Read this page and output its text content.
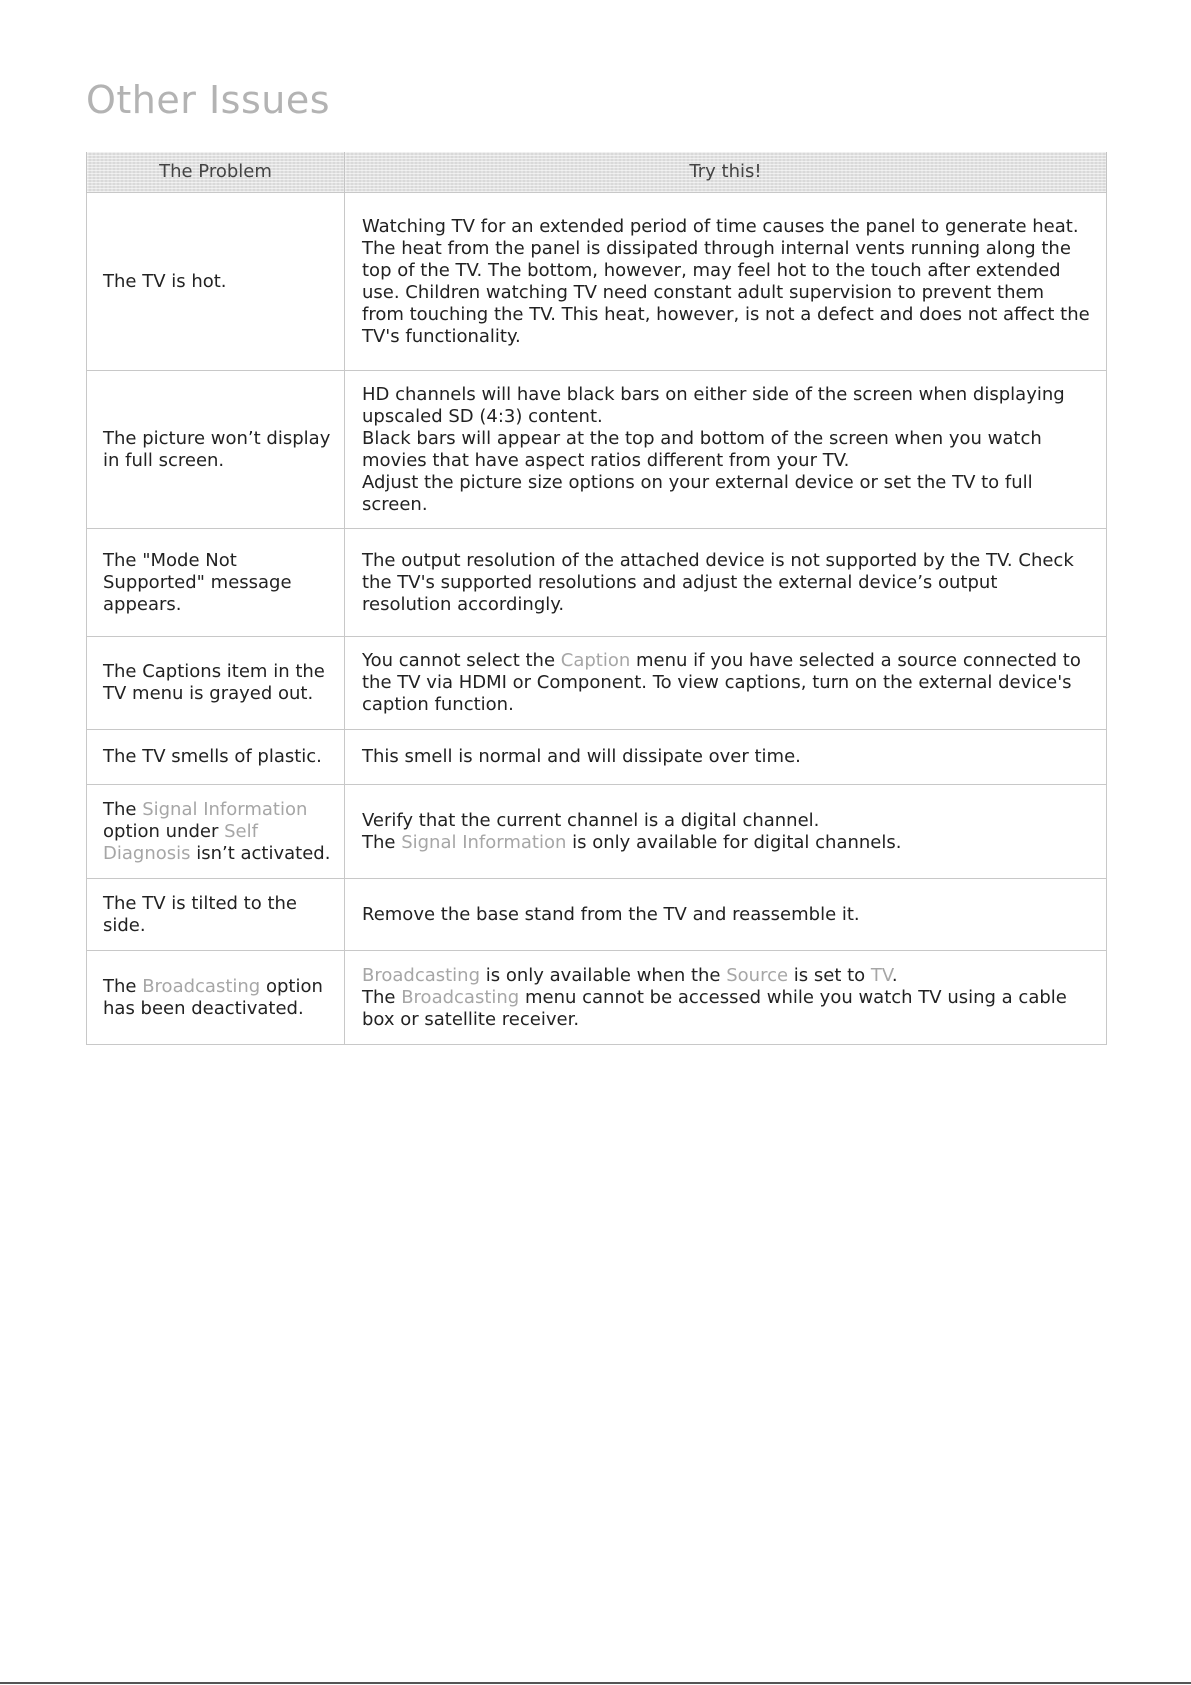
Other Issues
The Problem	Try this!
The TV is hot.	Watching TV for an extended period of time causes the panel to generate heat. The heat from the panel is dissipated through internal vents running along the top of the TV. The bottom, however, may feel hot to the touch after extended use. Children watching TV need constant adult supervision to prevent them from touching the TV. This heat, however, is not a defect and does not affect the TV's functionality.

The picture won’t display in full screen.	HD channels will have black bars on either side of the screen when displaying upscaled SD (4:3) content.
Black bars will appear at the top and bottom of the screen when you watch movies that have aspect ratios different from your TV.
Adjust the picture size options on your external device or set the TV to full screen.

The "Mode Not Supported" message appears.	The output resolution of the attached device is not supported by the TV. Check the TV's supported resolutions and adjust the external device’s output resolution accordingly.

The Captions item in the TV menu is grayed out.	You cannot select the Caption menu if you have selected a source connected to the TV via HDMI or Component. To view captions, turn on the external device's caption function.

The TV smells of plastic.	This smell is normal and will dissipate over time.

The Signal Information option under Self Diagnosis isn’t activated.	Verify that the current channel is a digital channel.
The Signal Information is only available for digital channels.

The TV is tilted to the side.	Remove the base stand from the TV and reassemble it.

The Broadcasting option has been deactivated.	Broadcasting is only available when the Source is set to TV.
The Broadcasting menu cannot be accessed while you watch TV using a cable box or satellite receiver.
